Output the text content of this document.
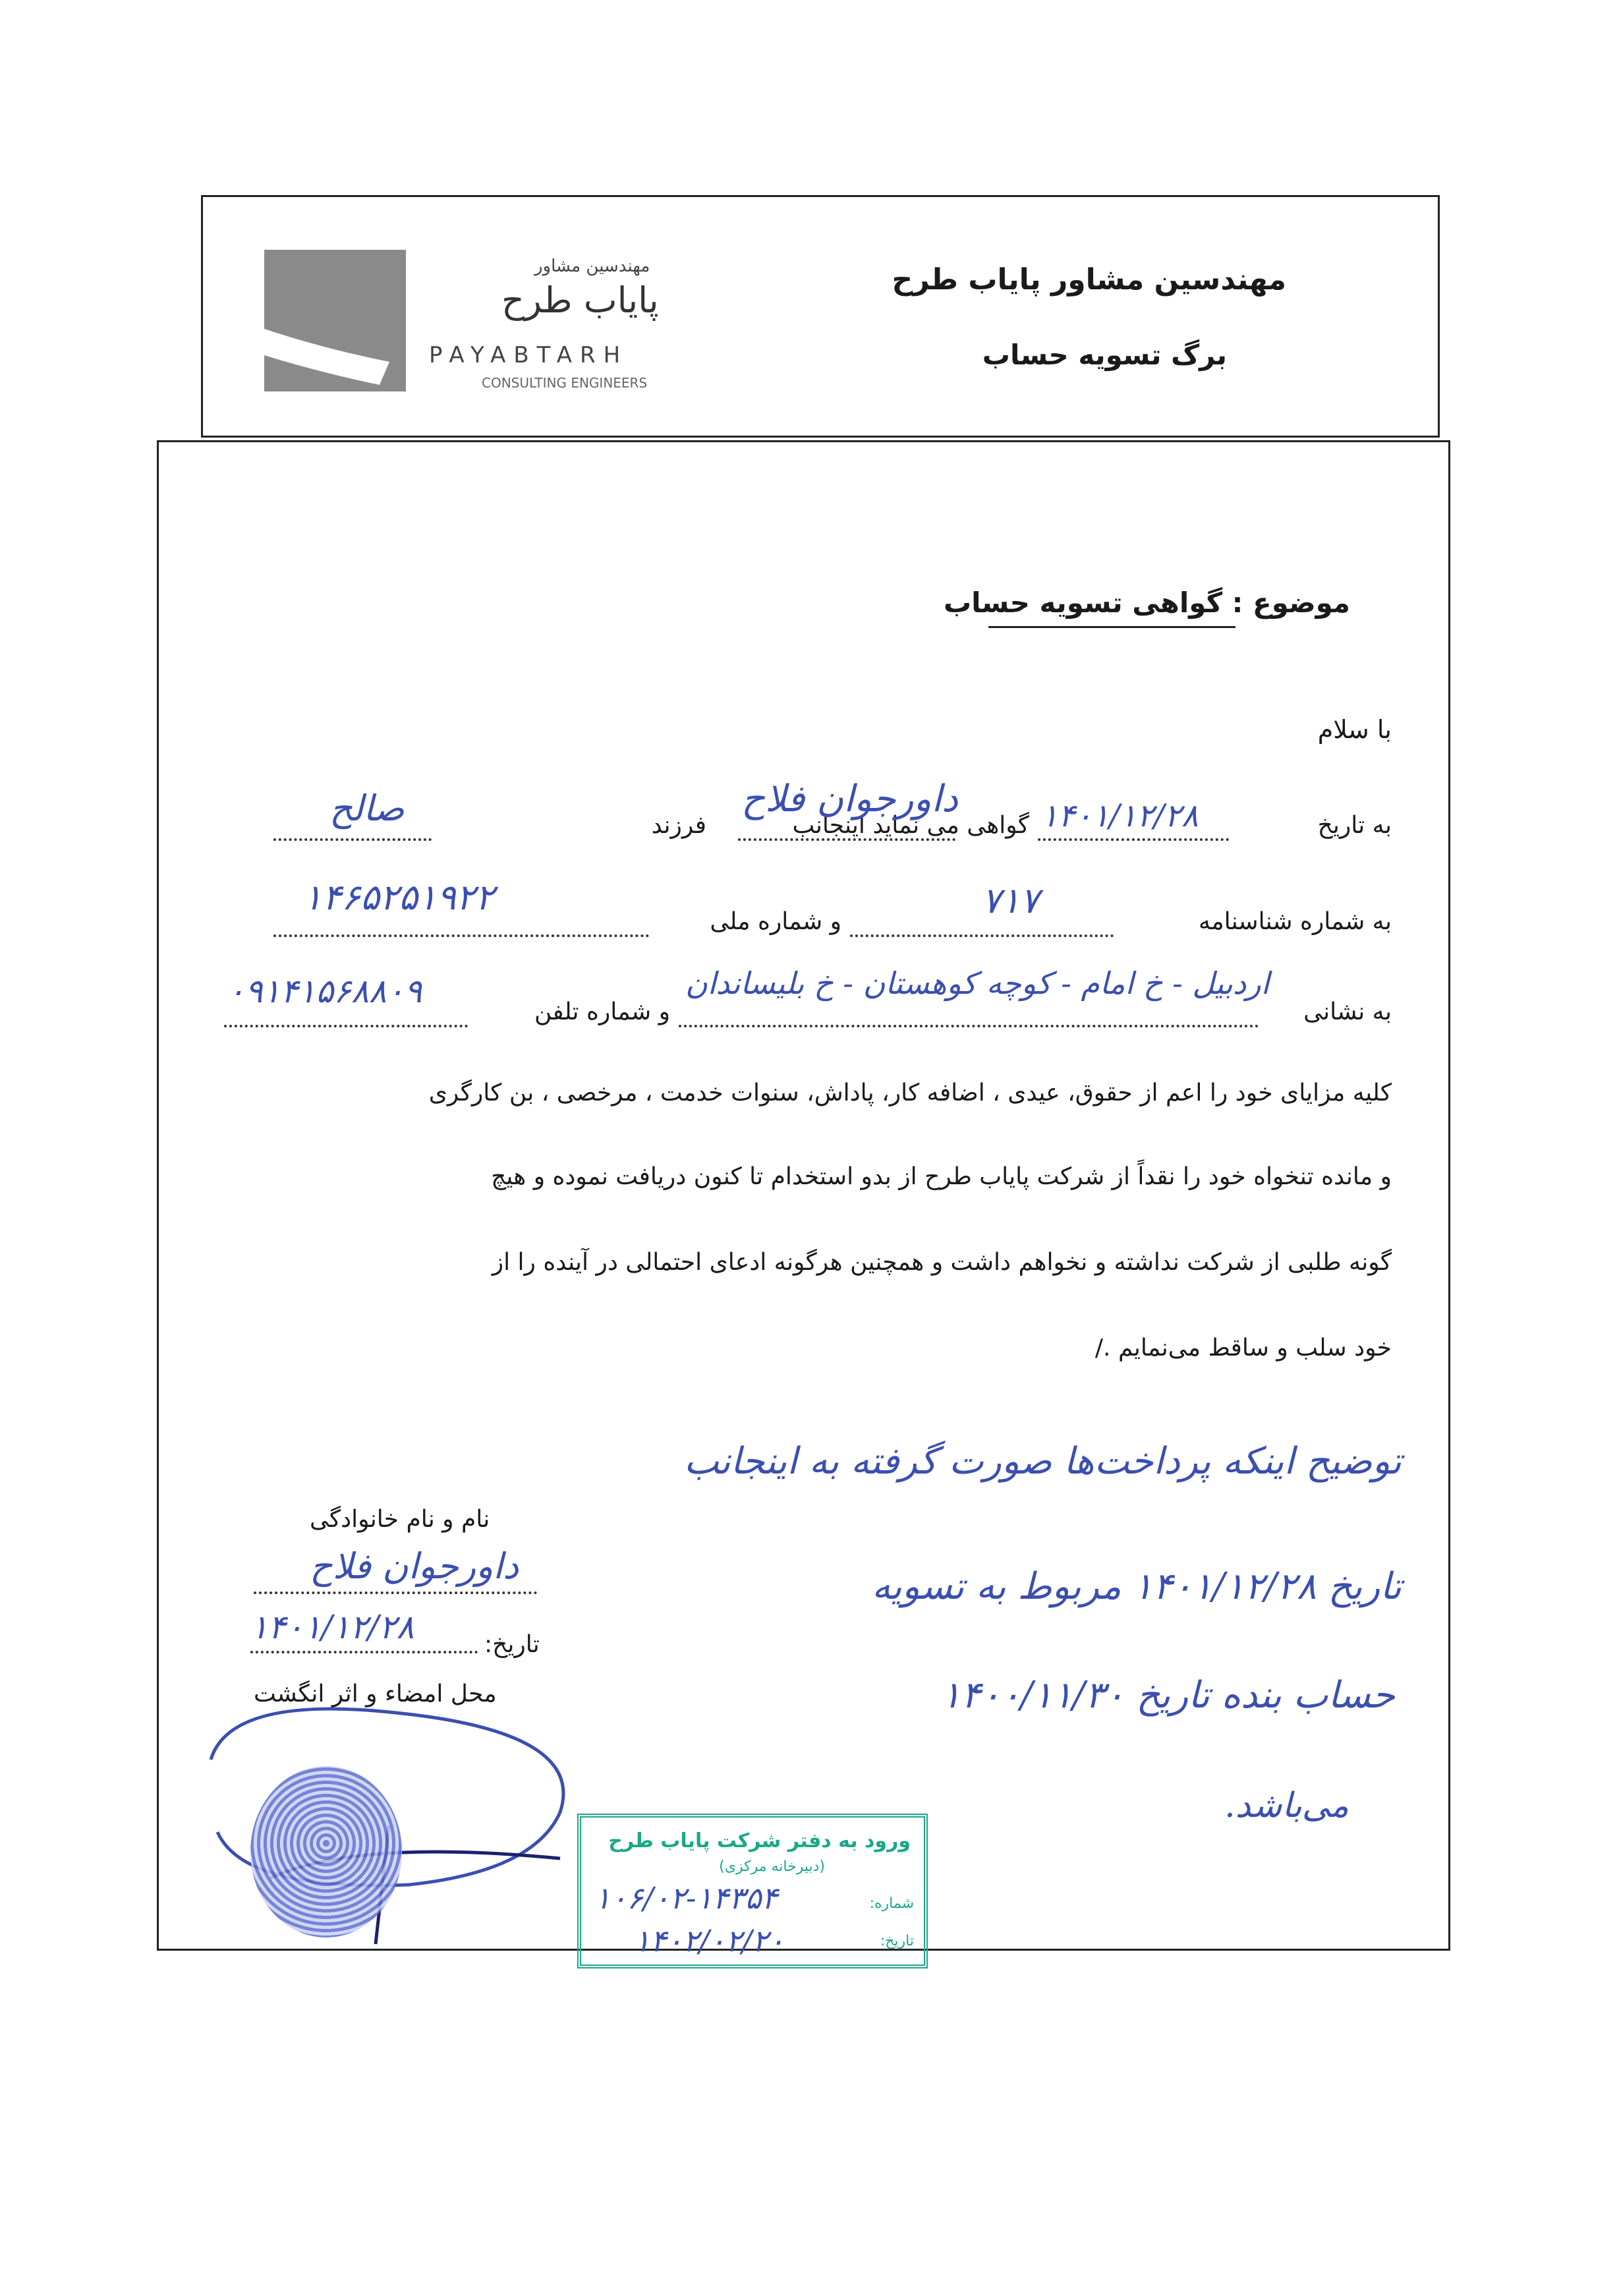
مهندسین مشاور پایاب طرح
برگ تسویه حساب
مهندسین مشاور
پایاب طرح
PAYABTARH
CONSULTING ENGINEERS
موضوع : گواهی تسویه حساب
با سلام
به تاریخ
۱۴۰۱/۱۲/۲۸
گواهی می نماید اینجانب
داورجوان فلاح
فرزند
صالح
به شماره شناسنامه
۷۱۷
و شماره ملی
۱۴۶۵۲۵۱۹۲۲
به نشانی
اردبیل - خ امام - کوچه کوهستان - خ بلیساندان
و شماره تلفن
۰۹۱۴۱۵۶۸۸۰۹
کلیه مزایای خود را اعم از حقوق، عیدی ، اضافه کار، پاداش، سنوات خدمت ، مرخصی ، بن کارگری
و مانده تنخواه خود را نقداً از شرکت پایاب طرح از بدو استخدام تا کنون دریافت نموده و هیچ
گونه طلبی از شرکت نداشته و نخواهم داشت و همچنین هرگونه ادعای احتمالی در آینده را از
خود سلب و ساقط می‌نمایم ./
توضیح اینکه پرداخت‌ها صورت گرفته به اینجانب
تاریخ ۱۴۰۱/۱۲/۲۸ مربوط به تسویه
حساب بنده تاریخ ۱۴۰۰/۱۱/۳۰
می‌باشد.
نام و نام خانوادگی
داورجوان فلاح
تاریخ:
۱۴۰۱/۱۲/۲۸
محل امضاء و اثر انگشت
ورود به دفتر شرکت پایاب طرح
(دبیرخانه مرکزی)
شماره:
۱۰۶/۰۲-۱۴۳۵۴
تاریخ:
۱۴۰۲/۰۲/۲۰
